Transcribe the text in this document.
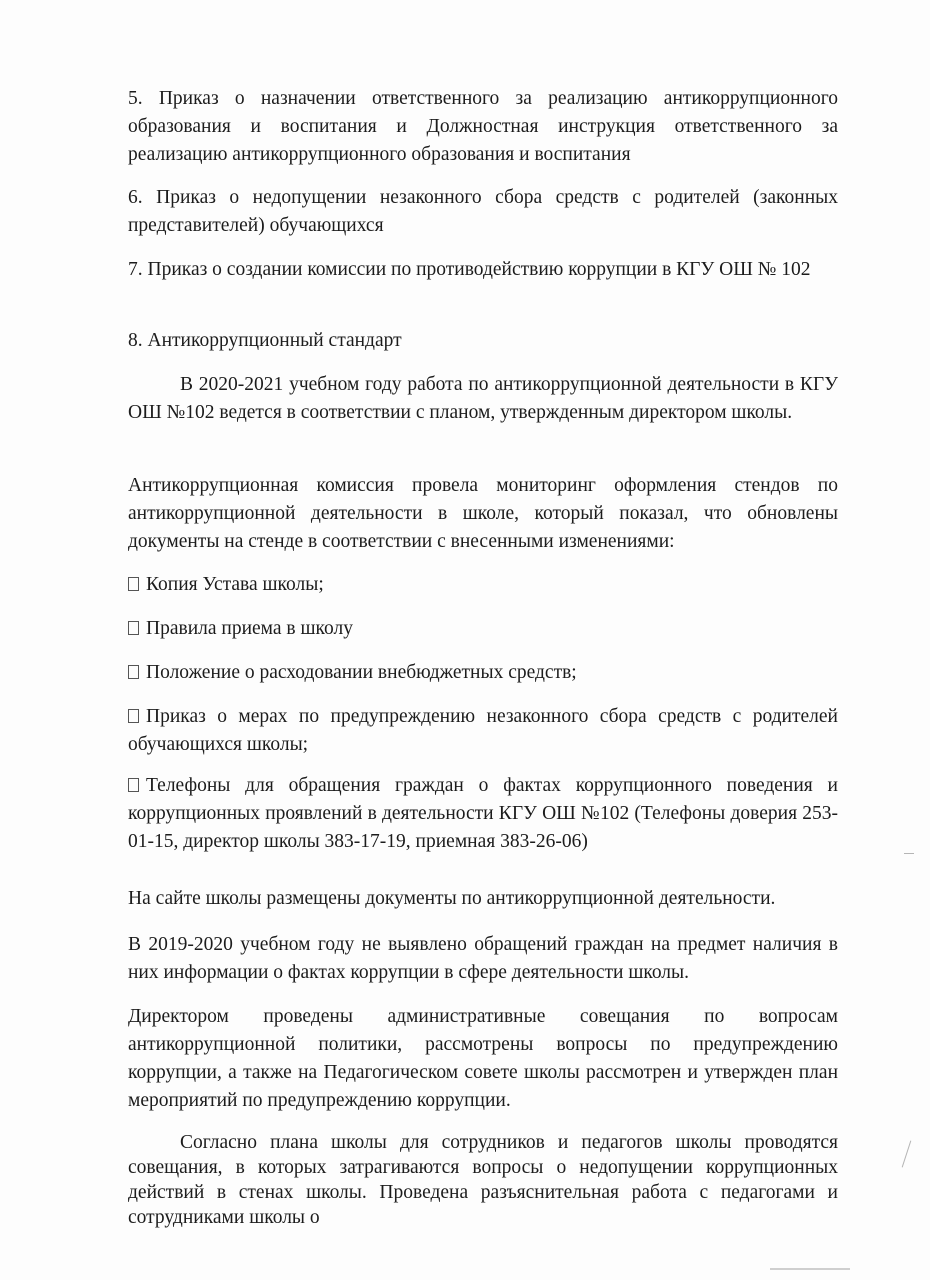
5. Приказ о назначении ответственного за реализацию антикоррупционного образования и воспитания и Должностная инструкция ответственного за реализацию антикоррупционного образования и воспитания

6. Приказ о недопущении незаконного сбора средств с родителей (законных представителей) обучающихся

7. Приказ о создании комиссии по противодействию коррупции в КГУ ОШ № 102

8. Антикоррупционный стандарт

В 2020-2021 учебном году работа по антикоррупционной деятельности в КГУ ОШ №102 ведется в соответствии с планом, утвержденным директором школы.

Антикоррупционная комиссия провела мониторинг оформления стендов по антикоррупционной деятельности в школе, который показал, что обновлены документы на стенде в соответствии с внесенными изменениями:

Копия Устава школы;

Правила приема в школу

Положение о расходовании внебюджетных средств;

Приказ о мерах по предупреждению незаконного сбора средств с родителей обучающихся школы;

Телефоны для обращения граждан о фактах коррупционного поведения и коррупционных проявлений в деятельности КГУ ОШ №102 (Телефоны доверия 253-01-15, директор школы 383-17-19, приемная 383-26-06)

На сайте школы размещены документы по антикоррупционной деятельности.

В 2019-2020 учебном году не выявлено обращений граждан на предмет наличия в них информации о фактах коррупции в сфере деятельности школы.

Директором проведены административные совещания по вопросам антикоррупционной политики, рассмотрены вопросы по предупреждению коррупции, а также на Педагогическом совете школы рассмотрен и утвержден план мероприятий по предупреждению коррупции.

Согласно плана школы для сотрудников и педагогов школы проводятся совещания, в которых затрагиваются вопросы о недопущении коррупционных действий в стенах школы. Проведена разъяснительная работа с педагогами и сотрудниками школы о
